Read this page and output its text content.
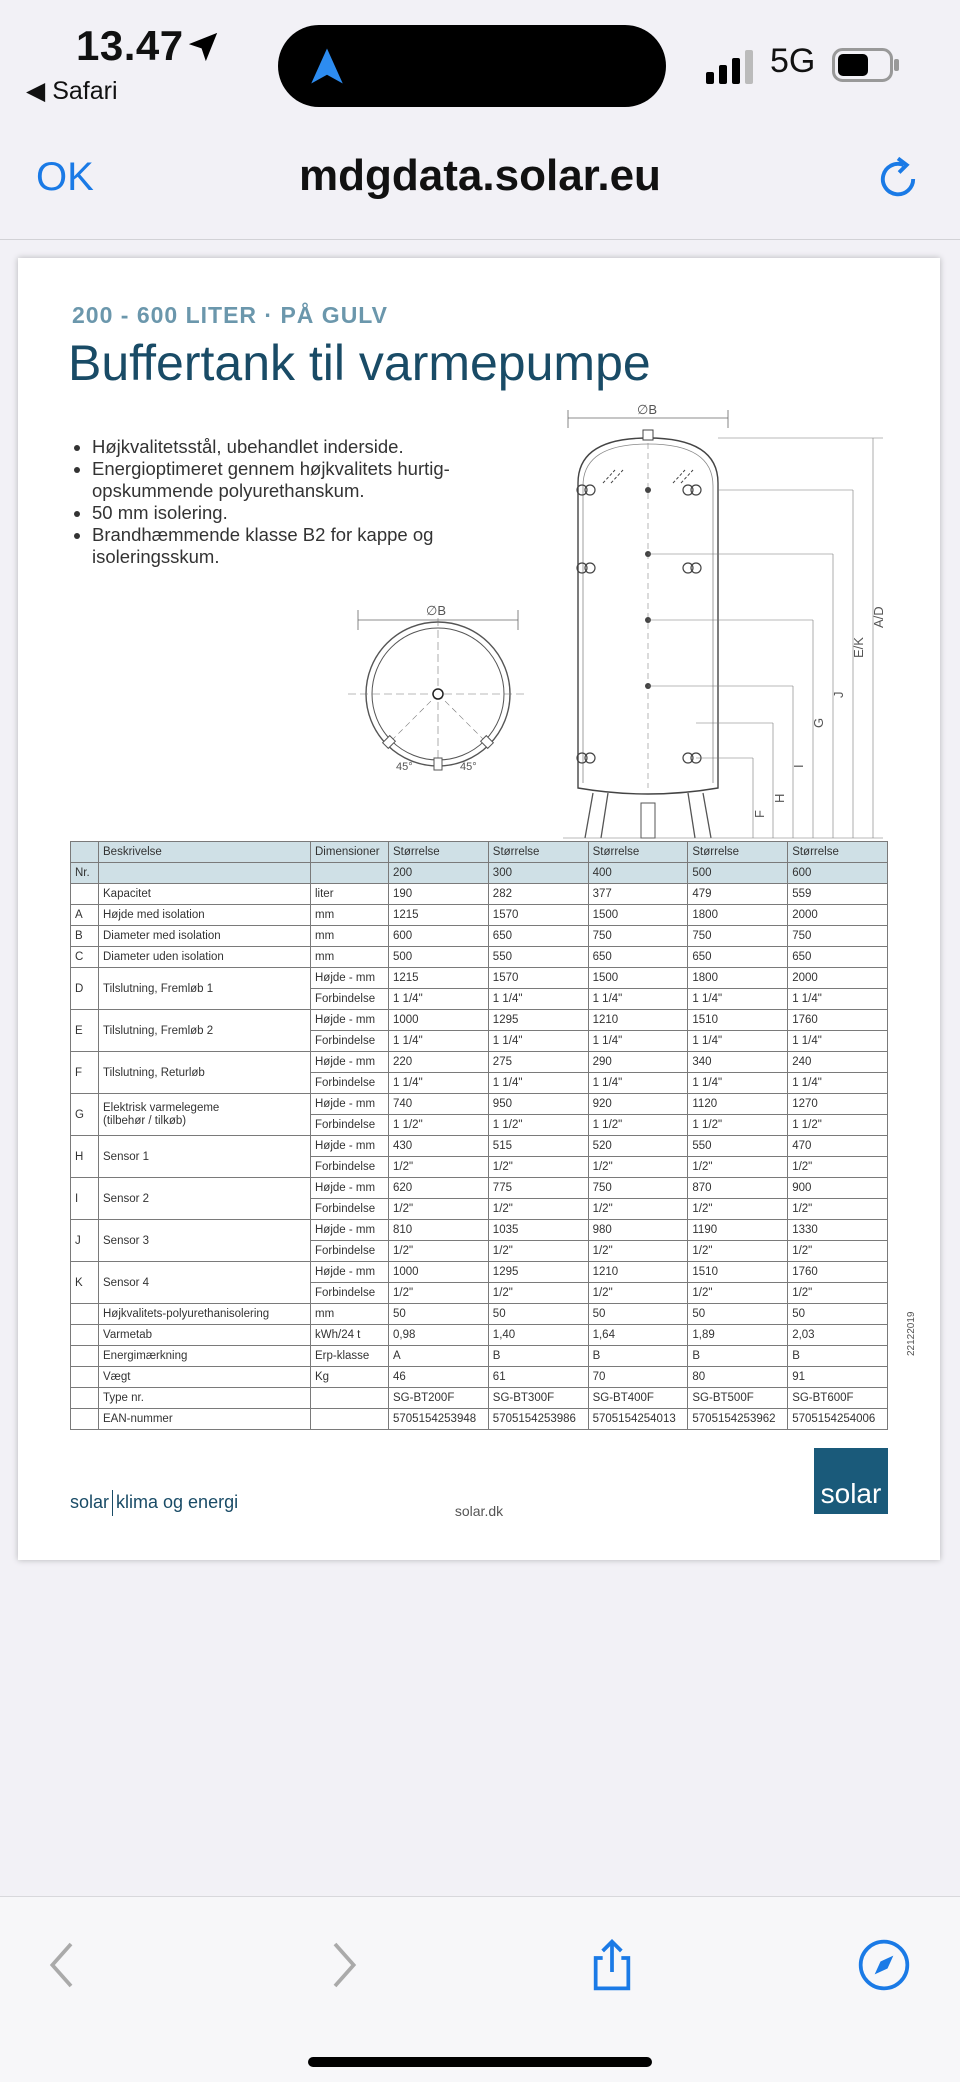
13.47
◀ Safari
5G
OK	mdgdata.solar.eu
200 - 600 LITER · PÅ GULV
Buffertank til varmepumpe
• Højkvalitetsstål, ubehandlet inderside.
• Energioptimeret gennem højkvalitets hurtig-opskummende polyurethanskum.
• 50 mm isolering.
• Brandhæmmende klasse B2 for kappe og isoleringsskum.
∅B
45°	45°
∅B
A/D
E/K
J
G
I
H
F
	Beskrivelse	Dimensioner	Størrelse	Størrelse	Størrelse	Størrelse	Størrelse
Nr.			200	300	400	500	600
	Kapacitet	liter	190	282	377	479	559
A	Højde med isolation	mm	1215	1570	1500	1800	2000
B	Diameter med isolation	mm	600	650	750	750	750
C	Diameter uden isolation	mm	500	550	650	650	650
D	Tilslutning, Fremløb 1	Højde - mm	1215	1570	1500	1800	2000
		Forbindelse	1 1/4"	1 1/4"	1 1/4"	1 1/4"	1 1/4"
E	Tilslutning, Fremløb 2	Højde - mm	1000	1295	1210	1510	1760
		Forbindelse	1 1/4"	1 1/4"	1 1/4"	1 1/4"	1 1/4"
F	Tilslutning, Returløb	Højde - mm	220	275	290	340	240
		Forbindelse	1 1/4"	1 1/4"	1 1/4"	1 1/4"	1 1/4"
G	Elektrisk varmelegeme
(tilbehør / tilkøb)	Højde - mm	740	950	920	1120	1270
		Forbindelse	1 1/2"	1 1/2"	1 1/2"	1 1/2"	1 1/2"
H	Sensor 1	Højde - mm	430	515	520	550	470
		Forbindelse	1/2"	1/2"	1/2"	1/2"	1/2"
I	Sensor 2	Højde - mm	620	775	750	870	900
		Forbindelse	1/2"	1/2"	1/2"	1/2"	1/2"
J	Sensor 3	Højde - mm	810	1035	980	1190	1330
		Forbindelse	1/2"	1/2"	1/2"	1/2"	1/2"
K	Sensor 4	Højde - mm	1000	1295	1210	1510	1760
		Forbindelse	1/2"	1/2"	1/2"	1/2"	1/2"
	Højkvalitets-polyurethanisolering	mm	50	50	50	50	50
	Varmetab	kWh/24 t	0,98	1,40	1,64	1,89	2,03
	Energimærkning	Erp-klasse	A	B	B	B	B
	Vægt	Kg	46	61	70	80	91
	Type nr.		SG-BT200F	SG-BT300F	SG-BT400F	SG-BT500F	SG-BT600F
	EAN-nummer		5705154253948	5705154253986	5705154254013	5705154253962	5705154254006
22122019
solar klima og energi	solar.dk
solar
